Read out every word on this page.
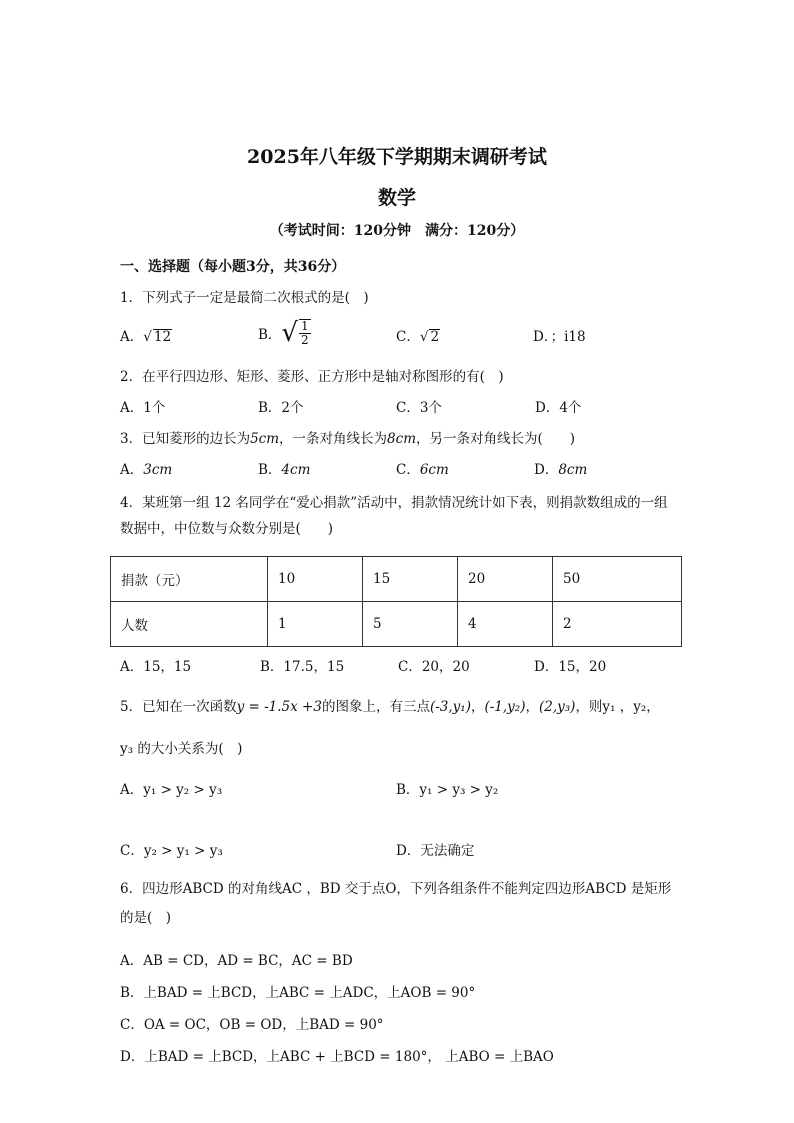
2025年八年级下学期期末调研考试
数学
（考试时间：120分钟　满分：120分）
一、选择题（每小题3分，共36分）
1．下列式子一定是最简二次根式的是(　)
A．√ 12	B．√ $\frac{1}{2}$	C．√ 2	D．；i18
2．在平行四边形、矩形、菱形、正方形中是轴对称图形的有(　)
A．1个	B．2个	C．3个	D．4个
3．已知菱形的边长为5cm，一条对角线长为8cm，另一条对角线长为(　　)
A．3cm	B．4cm	C．6cm	D．8cm
4．某班第一组 12 名同学在“爱心捐款”活动中，捐款情况统计如下表，则捐款数组成的一组
数据中，中位数与众数分别是(　　)
捐款（元）	10	15	20	50
人数	1	5	4	2
A．15，15	B．17.5，15	C．20，20	D．15，20
5．已知在一次函数y = -1.5x +3的图象上，有三点(-3,y₁)，(-1,y₂)，(2,y₃)，则y₁ ，y₂，
y₃ 的大小关系为(　)
A．y₁ > y₂ > y₃	B．y₁ > y₃ > y₂
C．y₂ > y₁ > y₃	D．无法确定
6．四边形ABCD 的对角线AC ，BD 交于点O，下列各组条件不能判定四边形ABCD 是矩形
的是(　)
A．AB = CD，AD = BC，AC = BD
B．上BAD = 上BCD，上ABC = 上ADC，上AOB = 90°
C．OA = OC，OB = OD，上BAD = 90°
D．上BAD = 上BCD，上ABC + 上BCD = 180°， 上ABO = 上BAO
